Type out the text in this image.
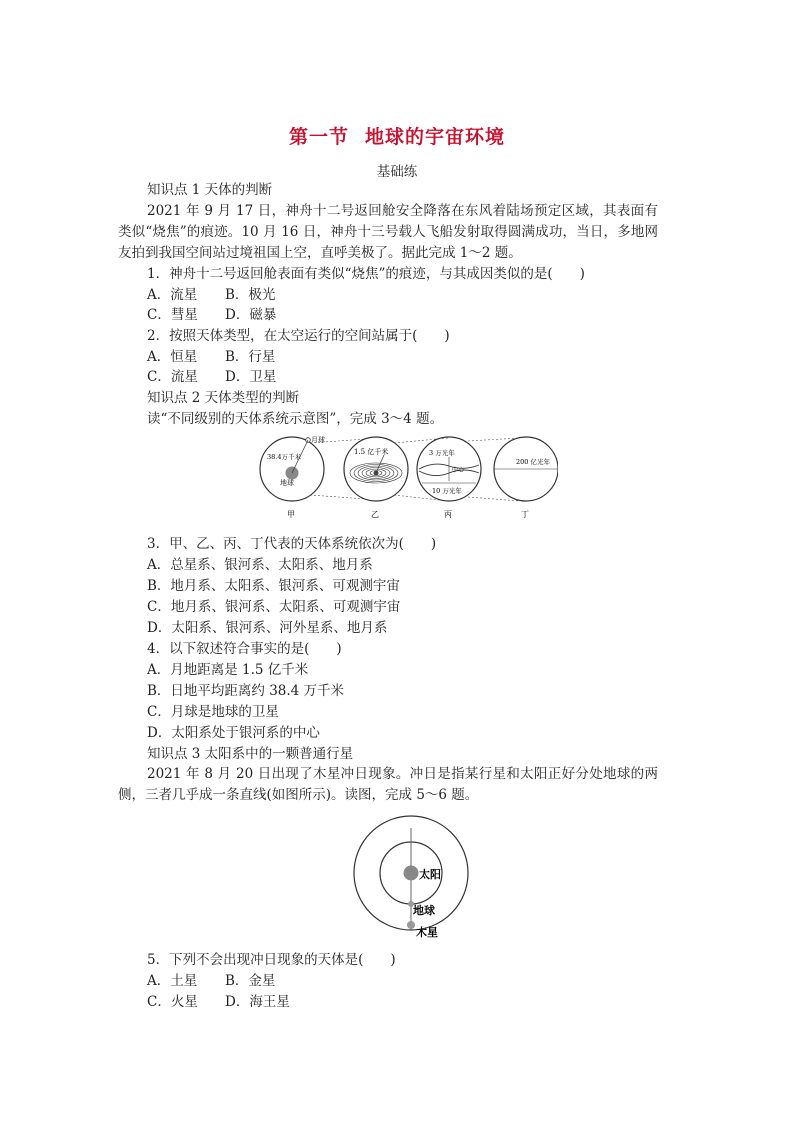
第一节 地球的宇宙环境
基础练
知识点 1 天体的判断
2021 年 9 月 17 日，神舟十二号返回舱安全降落在东风着陆场预定区域，其表面有类似“烧焦”的痕迹。10 月 16 日，神舟十三号载人飞船发射取得圆满成功，当日，多地网友拍到我国空间站过境祖国上空，直呼美极了。据此完成 1～2 题。
1．神舟十二号返回舱表面有类似“烧焦”的痕迹，与其成因类似的是(　　)
A．流星 B．极光
C．彗星 D．磁暴
2．按照天体类型，在太空运行的空间站属于(　　)
A．恒星 B．行星
C．流星 D．卫星
知识点 2 天体类型的判断
读“不同级别的天体系统示意图”，完成 3～4 题。
月球
38.4万千米
地球
1.5 亿千米	3 万光年
中心
10 万光年
200 亿光年
甲	乙	丙	丁
3．甲、乙、丙、丁代表的天体系统依次为(　　)
A．总星系、银河系、太阳系、地月系
B．地月系、太阳系、银河系、可观测宇宙
C．地月系、银河系、太阳系、可观测宇宙
D．太阳系、银河系、河外星系、地月系
4．以下叙述符合事实的是(　　)
A．月地距离是 1.5 亿千米
B．日地平均距离约 38.4 万千米
C．月球是地球的卫星
D．太阳系处于银河系的中心
知识点 3 太阳系中的一颗普通行星
2021 年 8 月 20 日出现了木星冲日现象。冲日是指某行星和太阳正好分处地球的两侧，三者几乎成一条直线(如图所示)。读图，完成 5～6 题。
太阳
地球
木星
5．下列不会出现冲日现象的天体是(　　)
A．土星 B．金星
C．火星 D．海王星
